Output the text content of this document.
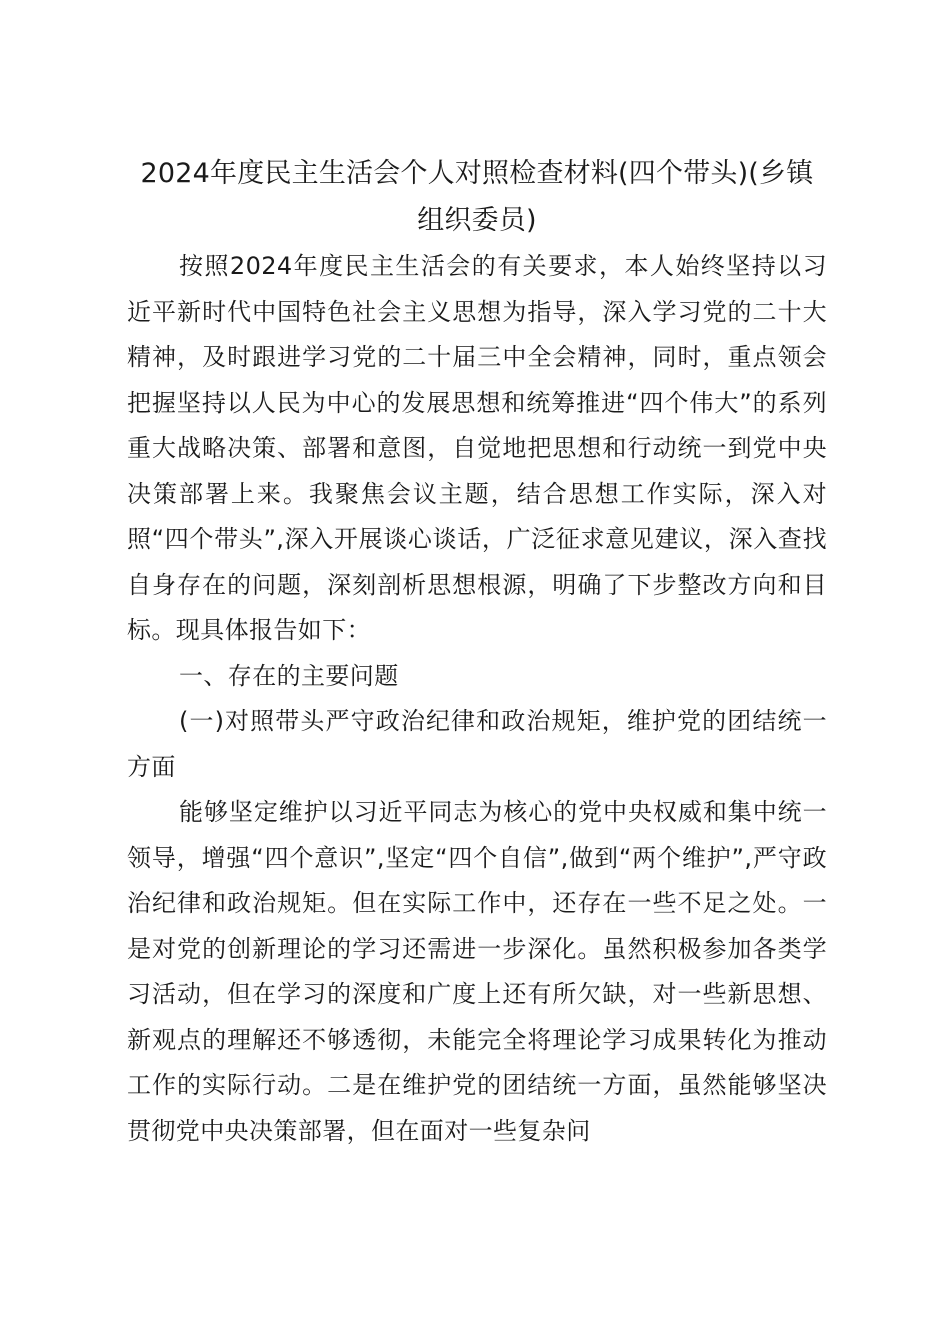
2024年度民主生活会个人对照检查材料(四个带头)(乡镇组织委员)

按照2024年度民主生活会的有关要求，本人始终坚持以习近平新时代中国特色社会主义思想为指导，深入学习党的二十大精神，及时跟进学习党的二十届三中全会精神，同时，重点领会把握坚持以人民为中心的发展思想和统筹推进“四个伟大”的系列重大战略决策、部署和意图，自觉地把思想和行动统一到党中央决策部署上来。我聚焦会议主题，结合思想工作实际，深入对照“四个带头”,深入开展谈心谈话，广泛征求意见建议，深入查找自身存在的问题，深刻剖析思想根源，明确了下步整改方向和目标。现具体报告如下：

一、存在的主要问题

(一)对照带头严守政治纪律和政治规矩，维护党的团结统一方面

能够坚定维护以习近平同志为核心的党中央权威和集中统一领导，增强“四个意识”,坚定“四个自信”,做到“两个维护”,严守政治纪律和政治规矩。但在实际工作中，还存在一些不足之处。一是对党的创新理论的学习还需进一步深化。虽然积极参加各类学习活动，但在学习的深度和广度上还有所欠缺，对一些新思想、新观点的理解还不够透彻，未能完全将理论学习成果转化为推动工作的实际行动。二是在维护党的团结统一方面，虽然能够坚决贯彻党中央决策部署，但在面对一些复杂问
